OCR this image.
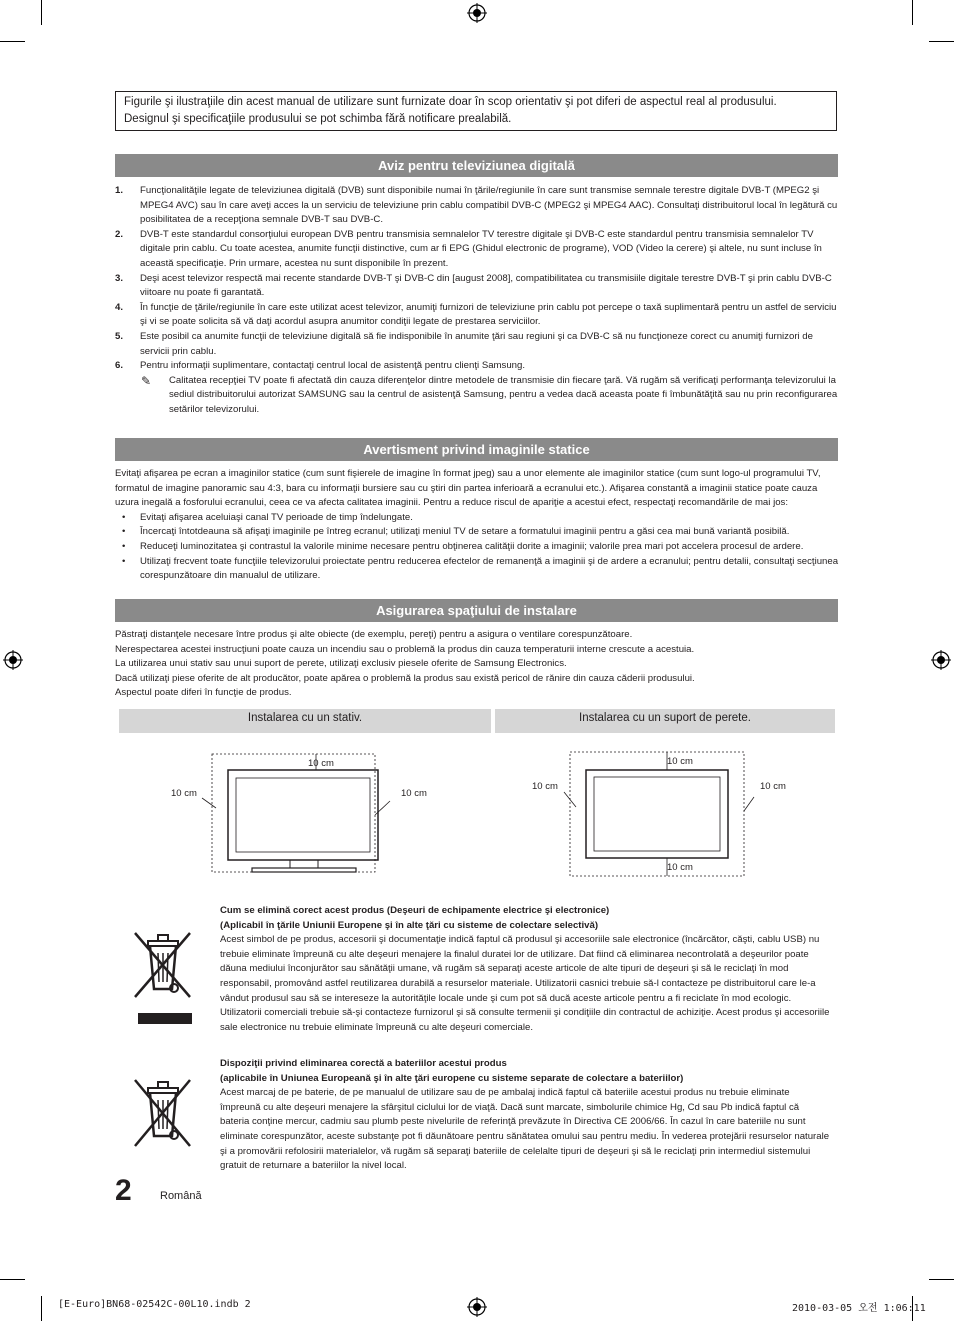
Figurile şi ilustraţiile din acest manual de utilizare sunt furnizate doar în scop orientativ şi pot diferi de aspectul real al produsului.
Designul şi specificaţiile produsului se pot schimba fără notificare prealabilă.
Aviz pentru televiziunea digitală
1. Funcţionalităţile legate de televiziunea digitală (DVB) sunt disponibile numai în ţările/regiunile în care sunt transmise semnale terestre digitale DVB-T (MPEG2 şi MPEG4 AVC) sau în care aveţi acces la un serviciu de televiziune prin cablu compatibil DVB-C (MPEG2 şi MPEG4 AAC). Consultaţi distribuitorul local în legătură cu posibilitatea de a recepţiona semnale DVB-T sau DVB-C.
2. DVB-T este standardul consorţiului european DVB pentru transmisia semnalelor TV terestre digitale şi DVB-C este standardul pentru transmisia semnalelor TV digitale prin cablu. Cu toate acestea, anumite funcţii distinctive, cum ar fi EPG (Ghidul electronic de programe), VOD (Video la cerere) şi altele, nu sunt incluse în această specificaţie. Prin urmare, acestea nu sunt disponibile în prezent.
3. Deşi acest televizor respectă mai recente standarde DVB-T şi DVB-C din [august 2008], compatibilitatea cu transmisiile digitale terestre DVB-T şi prin cablu DVB-C viitoare nu poate fi garantată.
4. În funcţie de ţările/regiunile în care este utilizat acest televizor, anumiţi furnizori de televiziune prin cablu pot percepe o taxă suplimentară pentru un astfel de serviciu şi vi se poate solicita să vă daţi acordul asupra anumitor condiţii legate de prestarea serviciilor.
5. Este posibil ca anumite funcţii de televiziune digitală să fie indisponibile în anumite ţări sau regiuni şi ca DVB-C să nu funcţioneze corect cu anumiţi furnizori de servicii prin cablu.
6. Pentru informaţii suplimentare, contactaţi centrul local de asistenţă pentru clienţi Samsung.
✎ Calitatea recepţiei TV poate fi afectată din cauza diferenţelor dintre metodele de transmisie din fiecare ţară. Vă rugăm să verificaţi performanţa televizorului la sediul distribuitorului autorizat SAMSUNG sau la centrul de asistenţă Samsung, pentru a vedea dacă aceasta poate fi îmbunătăţită sau nu prin reconfigurarea setărilor televizorului.
Avertisment privind imaginile statice
Evitaţi afişarea pe ecran a imaginilor statice (cum sunt fişierele de imagine în format jpeg) sau a unor elemente ale imaginilor statice (cum sunt logo-ul programului TV, formatul de imagine panoramic sau 4:3, bara cu informaţii bursiere sau cu ştiri din partea inferioară a ecranului etc.). Afişarea constantă a imaginii statice poate cauza uzura inegală a fosforului ecranului, ceea ce va afecta calitatea imaginii. Pentru a reduce riscul de apariţie a acestui efect, respectaţi recomandările de mai jos:
• Evitaţi afişarea aceluiaşi canal TV perioade de timp îndelungate.
• Încercaţi întotdeauna să afişaţi imaginile pe întreg ecranul; utilizaţi meniul TV de setare a formatului imaginii pentru a găsi cea mai bună variantă posibilă.
• Reduceţi luminozitatea şi contrastul la valorile minime necesare pentru obţinerea calităţii dorite a imaginii; valorile prea mari pot accelera procesul de ardere.
• Utilizaţi frecvent toate funcţiile televizorului proiectate pentru reducerea efectelor de remanenţă a imaginii şi de ardere a ecranului; pentru detalii, consultaţi secţiunea corespunzătoare din manualul de utilizare.
Asigurarea spaţiului de instalare
Păstraţi distanţele necesare între produs şi alte obiecte (de exemplu, pereţi) pentru a asigura o ventilare corespunzătoare.
Nerespectarea acestei instrucţiuni poate cauza un incendiu sau o problemă la produs din cauza temperaturii interne crescute a acestuia.
La utilizarea unui stativ sau unui suport de perete, utilizaţi exclusiv piesele oferite de Samsung Electronics.
Dacă utilizaţi piese oferite de alt producător, poate apărea o problemă la produs sau există pericol de rănire din cauza căderii produsului.
Aspectul poate diferi în funcţie de produs.
Instalarea cu un stativ.	Instalarea cu un suport de perete.
10 cm
10 cm	10 cm
10 cm
10 cm	10 cm
10 cm
Cum se elimină corect acest produs (Deşeuri de echipamente electrice şi electronice)
(Aplicabil în ţările Uniunii Europene şi în alte ţări cu sisteme de colectare selectivă)
Acest simbol de pe produs, accesorii şi documentaţie indică faptul că produsul şi accesoriile sale electronice (încărcător, căşti, cablu USB) nu trebuie eliminate împreună cu alte deşeuri menajere la finalul duratei lor de utilizare. Dat fiind că eliminarea necontrolată a deşeurilor poate dăuna mediului înconjurător sau sănătăţii umane, vă rugăm să separaţi aceste articole de alte tipuri de deşeuri şi să le reciclaţi în mod responsabil, promovând astfel reutilizarea durabilă a resurselor materiale. Utilizatorii casnici trebuie să-l contacteze pe distribuitorul care le-a vândut produsul sau să se intereseze la autorităţile locale unde şi cum pot să ducă aceste articole pentru a fi reciclate în mod ecologic. Utilizatorii comerciali trebuie să-şi contacteze furnizorul şi să consulte termenii şi condiţiile din contractul de achiziţie. Acest produs şi accesoriile sale electronice nu trebuie eliminate împreună cu alte deşeuri comerciale.
Dispoziţii privind eliminarea corectă a bateriilor acestui produs
(aplicabile în Uniunea Europeană şi în alte ţări europene cu sisteme separate de colectare a bateriilor)
Acest marcaj de pe baterie, de pe manualul de utilizare sau de pe ambalaj indică faptul că bateriile acestui produs nu trebuie eliminate împreună cu alte deşeuri menajere la sfârşitul ciclului lor de viaţă. Dacă sunt marcate, simbolurile chimice Hg, Cd sau Pb indică faptul că bateria conţine mercur, cadmiu sau plumb peste nivelurile de referinţă prevăzute în Directiva CE 2006/66. În cazul în care bateriile nu sunt eliminate corespunzător, aceste substanţe pot fi dăunătoare pentru sănătatea omului sau pentru mediu. În vederea protejării resurselor naturale şi a promovării refolosirii materialelor, vă rugăm să separaţi bateriile de celelalte tipuri de deşeuri şi să le reciclaţi prin intermediul sistemului gratuit de returnare a bateriilor la nivel local.
2	Română
[E-Euro]BN68-02542C-00L10.indb 2	2010-03-05 오전 1:06:11
